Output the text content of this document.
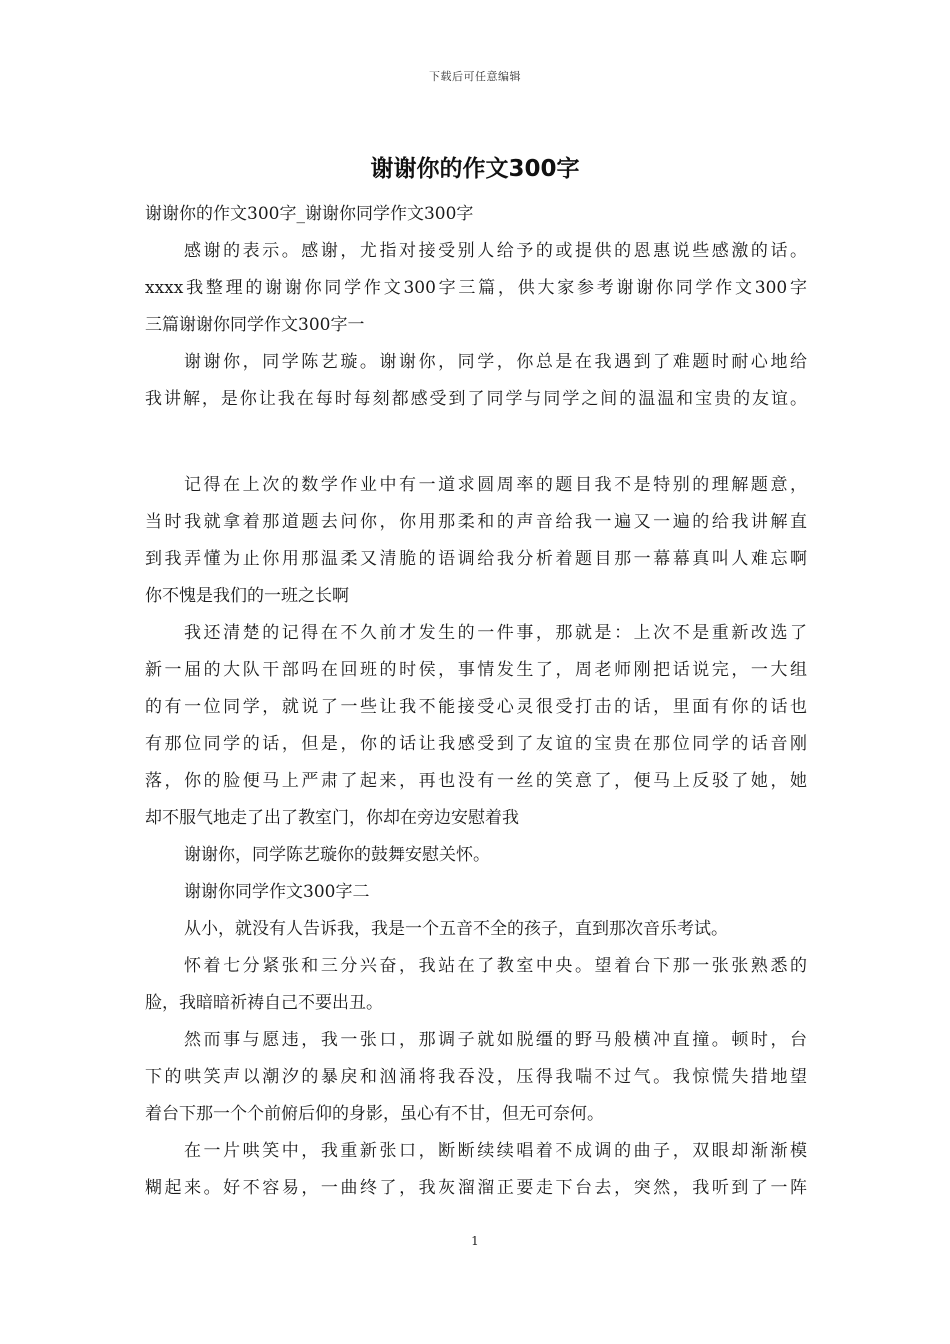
下载后可任意编辑
谢谢你的作文300字
谢谢你的作文300字_谢谢你同学作文300字
感谢的表示。感谢，尤指对接受别人给予的或提供的恩惠说些感激的话。
xxxx我整理的谢谢你同学作文300字三篇，供大家参考谢谢你同学作文300字
三篇谢谢你同学作文300字一
谢谢你，同学陈艺璇。谢谢你，同学，你总是在我遇到了难题时耐心地给
我讲解，是你让我在每时每刻都感受到了同学与同学之间的温温和宝贵的友谊。
记得在上次的数学作业中有一道求圆周率的题目我不是特别的理解题意，
当时我就拿着那道题去问你，你用那柔和的声音给我一遍又一遍的给我讲解直
到我弄懂为止你用那温柔又清脆的语调给我分析着题目那一幕幕真叫人难忘啊
你不愧是我们的一班之长啊
我还清楚的记得在不久前才发生的一件事，那就是：上次不是重新改选了
新一届的大队干部吗在回班的时侯，事情发生了，周老师刚把话说完，一大组
的有一位同学，就说了一些让我不能接受心灵很受打击的话，里面有你的话也
有那位同学的话，但是，你的话让我感受到了友谊的宝贵在那位同学的话音刚
落，你的脸便马上严肃了起来，再也没有一丝的笑意了，便马上反驳了她，她
却不服气地走了出了教室门，你却在旁边安慰着我
谢谢你，同学陈艺璇你的鼓舞安慰关怀。
谢谢你同学作文300字二
从小，就没有人告诉我，我是一个五音不全的孩子，直到那次音乐考试。
怀着七分紧张和三分兴奋，我站在了教室中央。望着台下那一张张熟悉的
脸，我暗暗祈祷自己不要出丑。
然而事与愿违，我一张口，那调子就如脱缰的野马般横冲直撞。顿时，台
下的哄笑声以潮汐的暴戾和汹涌将我吞没，压得我喘不过气。我惊慌失措地望
着台下那一个个前俯后仰的身影，虽心有不甘，但无可奈何。
在一片哄笑中，我重新张口，断断续续唱着不成调的曲子，双眼却渐渐模
糊起来。好不容易，一曲终了，我灰溜溜正要走下台去，突然，我听到了一阵
1
